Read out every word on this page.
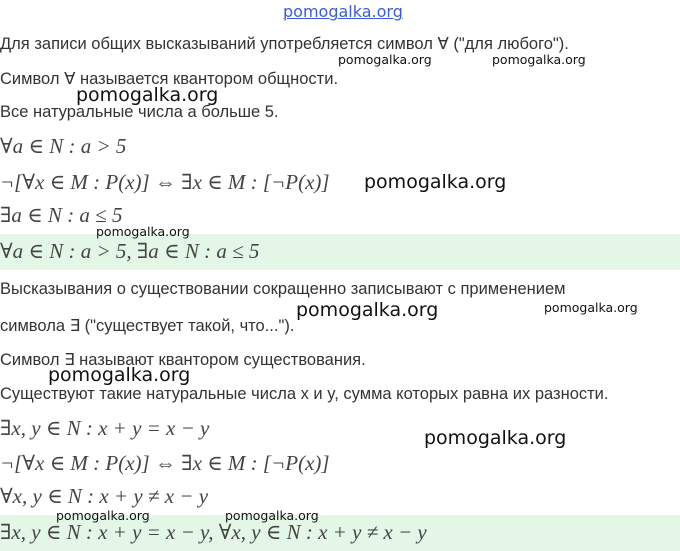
pomogalka.org
Для записи общих высказываний употребляется символ ∀ ("для любого").
Символ ∀ называется квантором общности.
Все натуральные числа a больше 5.
∀a ∈ N : a > 5
¬[∀x ∈ M : P(x)] ⇔ ∃x ∈ M : [¬P(x)]
∃a ∈ N : a ≤ 5
∀a ∈ N : a > 5, ∃a ∈ N : a ≤ 5
Высказывания о существовании сокращенно записывают с применением
символа ∃ ("существует такой, что...").
Символ ∃ называют квантором существования.
Существуют такие натуральные числа x и y, сумма которых равна их разности.
∃x, y ∈ N : x + y = x − y
¬[∀x ∈ M : P(x)] ⇔ ∃x ∈ M : [¬P(x)]
∀x, y ∈ N : x + y ≠ x − y
∃x, y ∈ N : x + y = x − y, ∀x, y ∈ N : x + y ≠ x − y
pomogalka.org	pomogalka.org
pomogalka.org
pomogalka.org
pomogalka.org
pomogalka.org	pomogalka.org
pomogalka.org
pomogalka.org
pomogalka.org	pomogalka.org
